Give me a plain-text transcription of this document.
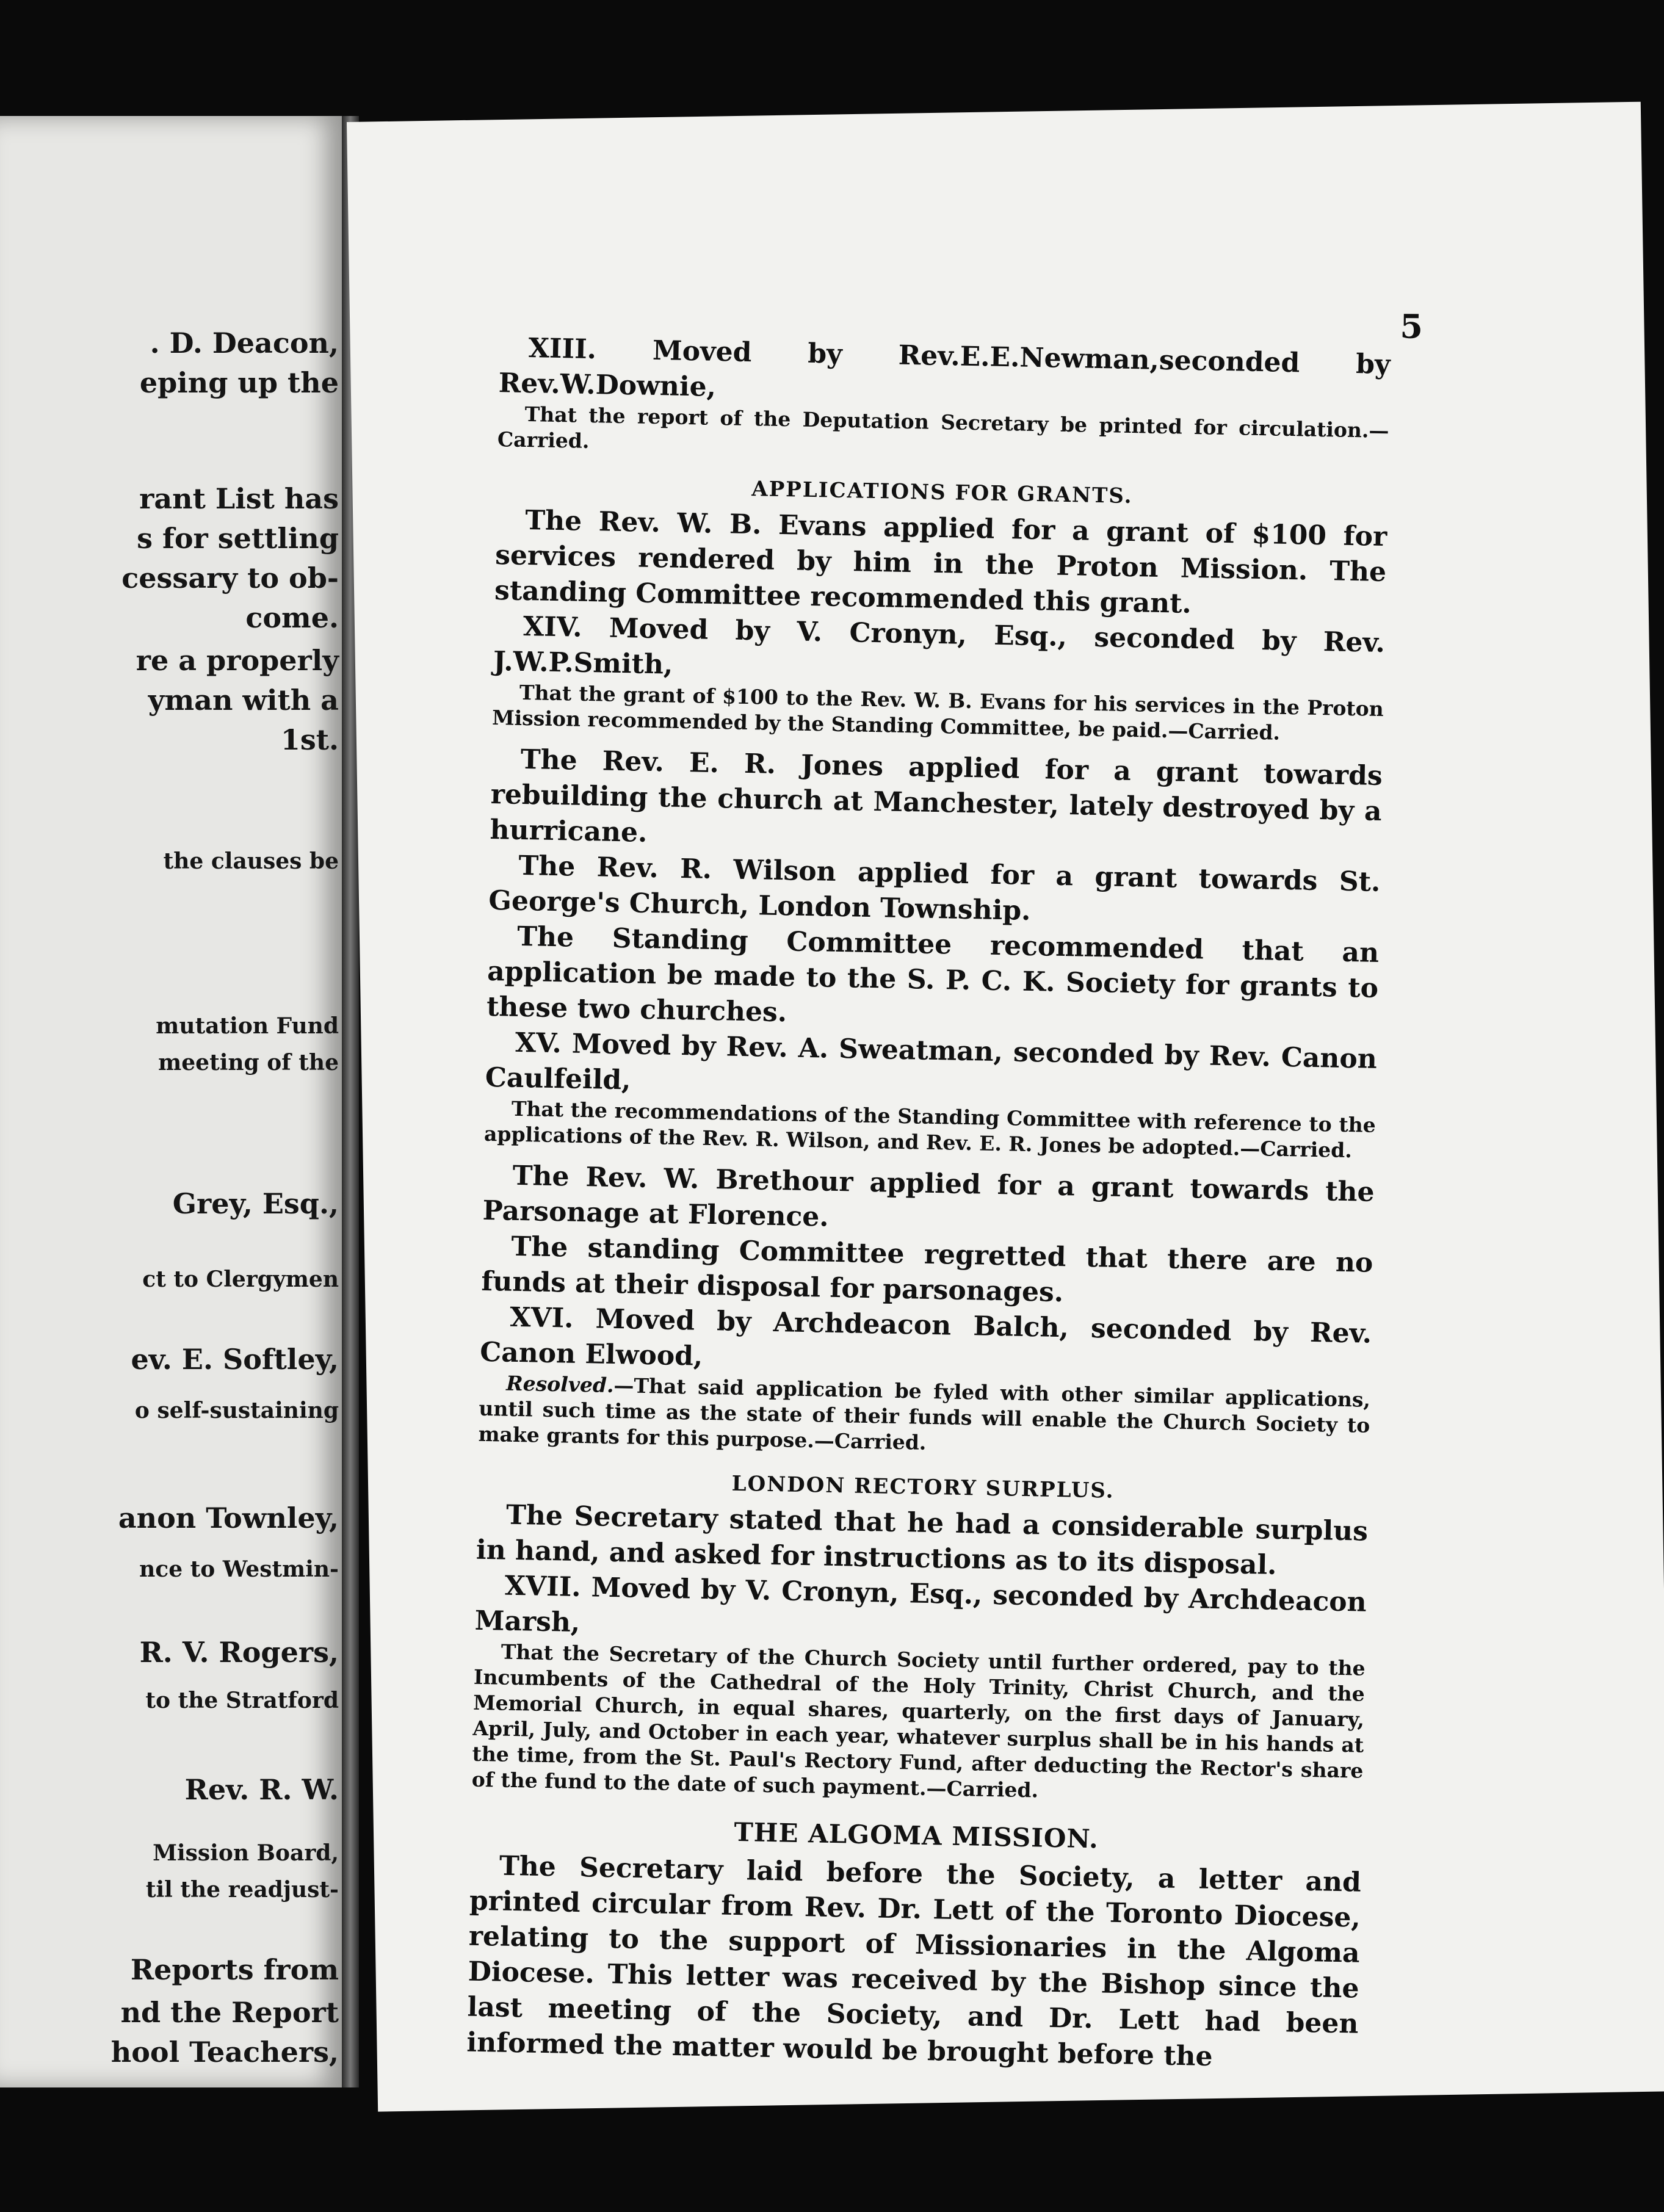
. D. Deacon,
eping up the
rant List has
s for settling
cessary to ob-
come.
re a properly
yman with a
1st.
the clauses be
mutation Fund
meeting of the
Grey, Esq.,
ct to Clergymen
ev. E. Softley,
o self-sustaining
anon Townley,
nce to Westmin-
R. V. Rogers,
to the Stratford
Rev. R. W.
Mission Board,
til the readjust-
Reports from
nd the Report
hool Teachers,
5

XIII. Moved by Rev.E.E.Newman,seconded by Rev.W.Downie,

That the report of the Deputation Secretary be printed for circulation.—Carried.

APPLICATIONS FOR GRANTS.

The Rev. W. B. Evans applied for a grant of $100 for services rendered by him in the Proton Mission. The standing Committee recommended this grant.

XIV. Moved by V. Cronyn, Esq., seconded by Rev. J.W.P.Smith,

That the grant of $100 to the Rev. W. B. Evans for his services in the Proton Mission recommended by the Standing Committee, be paid.—Carried.

The Rev. E. R. Jones applied for a grant towards rebuilding the church at Manchester, lately destroyed by a hurricane.

The Rev. R. Wilson applied for a grant towards St. George's Church, London Township.

The Standing Committee recommended that an application be made to the S. P. C. K. Society for grants to these two churches.

XV. Moved by Rev. A. Sweatman, seconded by Rev. Canon Caulfeild,

That the recommendations of the Standing Committee with reference to the applications of the Rev. R. Wilson, and Rev. E. R. Jones be adopted.—Carried.

The Rev. W. Brethour applied for a grant towards the Parsonage at Florence.

The standing Committee regretted that there are no funds at their disposal for parsonages.

XVI. Moved by Archdeacon Balch, seconded by Rev. Canon Elwood,

Resolved.—That said application be fyled with other similar applications, until such time as the state of their funds will enable the Church Society to make grants for this purpose.—Carried.

LONDON RECTORY SURPLUS.

The Secretary stated that he had a considerable surplus in hand, and asked for instructions as to its disposal.

XVII. Moved by V. Cronyn, Esq., seconded by Archdeacon Marsh,

That the Secretary of the Church Society until further ordered, pay to the Incumbents of the Cathedral of the Holy Trinity, Christ Church, and the Memorial Church, in equal shares, quarterly, on the first days of January, April, July, and October in each year, whatever surplus shall be in his hands at the time, from the St. Paul's Rectory Fund, after deducting the Rector's share of the fund to the date of such payment.—Carried.

THE ALGOMA MISSION.

The Secretary laid before the Society, a letter and printed circular from Rev. Dr. Lett of the Toronto Diocese, relating to the support of Missionaries in the Algoma Diocese. This letter was received by the Bishop since the last meeting of the Society, and Dr. Lett had been informed the matter would be brought before the
